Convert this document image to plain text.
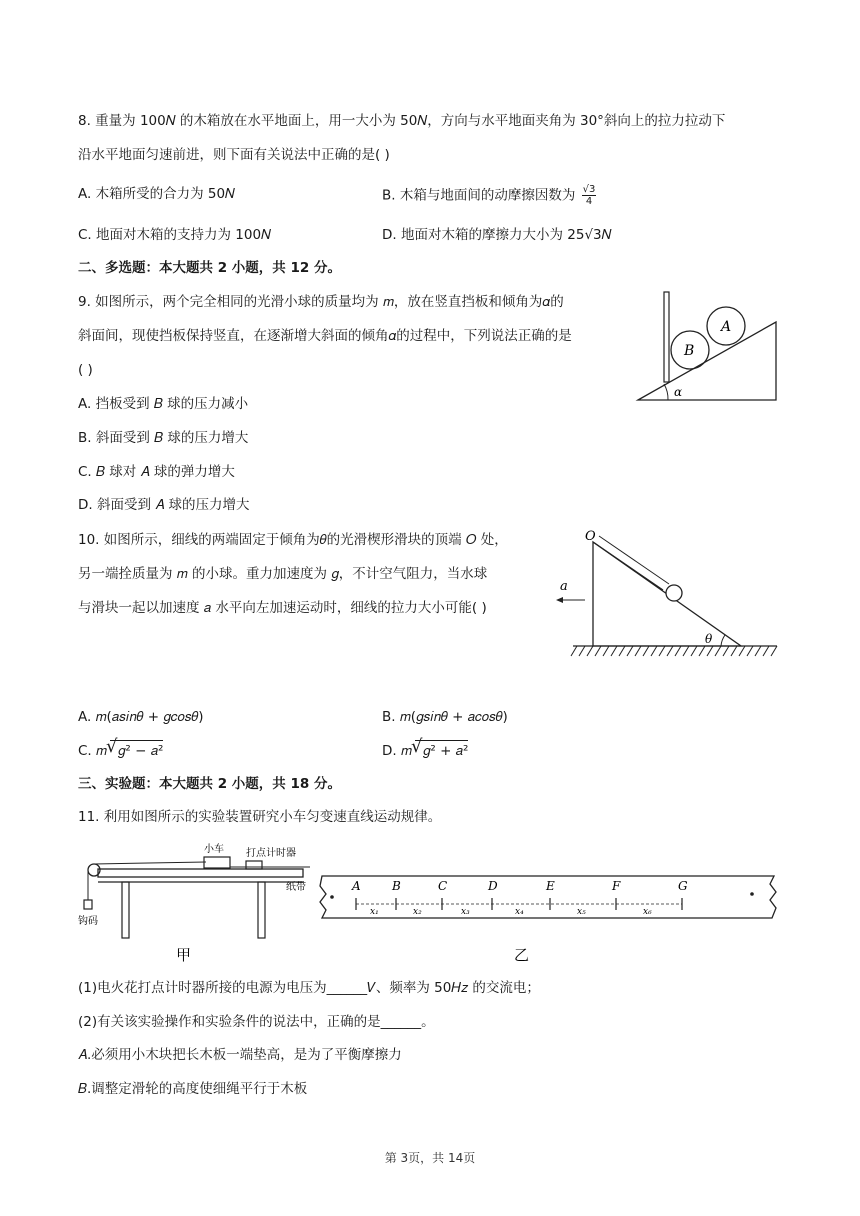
8. 重量为 100𝑁 的木箱放在水平地面上，用一大小为 50𝑁，方向与水平地面夹角为 30°斜向上的拉力拉动下
沿水平地面匀速前进，则下面有关说法中正确的是( )
A. 木箱所受的合力为 50𝑁	B. 木箱与地面间的动摩擦因数为 $\frac{√3}{4}$
C. 地面对木箱的支持力为 100𝑁	D. 地面对木箱的摩擦力大小为 25√3𝑁
二、多选题：本大题共 2 小题，共 12 分。
9. 如图所示，两个完全相同的光滑小球的质量均为 𝑚，放在竖直挡板和倾角为𝛼的
斜面间，现使挡板保持竖直，在逐渐增大斜面的倾角𝛼的过程中，下列说法正确的是
( )
A. 挡板受到 𝐵 球的压力减小
B. 斜面受到 𝐵 球的压力增大
C. 𝐵 球对 𝐴 球的弹力增大
D. 斜面受到 𝐴 球的压力增大
B
A
α
10. 如图所示，细线的两端固定于倾角为𝜃的光滑楔形滑块的顶端 𝑂 处，
另一端拴质量为 𝑚 的小球。重力加速度为 𝑔，不计空气阻力，当水球
与滑块一起以加速度 𝑎 水平向左加速运动时，细线的拉力大小可能( )
O
a
θ
A. 𝑚(𝑎𝑠𝑖𝑛𝜃 + 𝑔𝑐𝑜𝑠𝜃)	B. 𝑚(𝑔𝑠𝑖𝑛𝜃 + 𝑎𝑐𝑜𝑠𝜃)
C. 𝑚 √ 𝑔² − 𝑎²	D. 𝑚 √ 𝑔² + 𝑎²
三、实验题：本大题共 2 小题，共 18 分。
11. 利用如图所示的实验装置研究小车匀变速直线运动规律。
小车 打点计时器
纸带
钩码
甲
A	B	C	D	E	F	G
x₁	x₂	x₃	x₄	x₅	x₆
乙
(1)电火花打点计时器所接的电源为电压为______𝑉、频率为 50𝐻𝑧 的交流电；
(2)有关该实验操作和实验条件的说法中，正确的是______。
𝐴.必须用小木块把长木板一端垫高，是为了平衡摩擦力
𝐵.调整定滑轮的高度使细绳平行于木板
第 3页，共 14页
